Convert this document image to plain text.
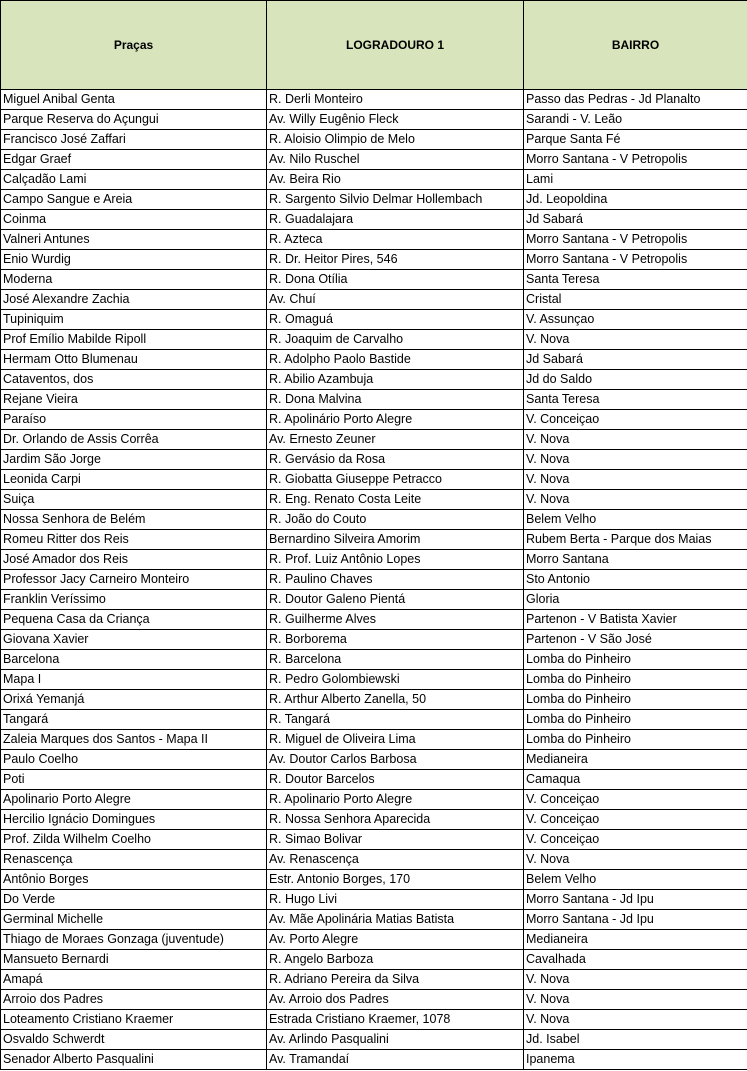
Praças	LOGRADOURO 1	BAIRRO
Miguel Anibal Genta	R. Derli Monteiro	Passo das Pedras - Jd Planalto
Parque Reserva do Açungui	Av. Willy Eugênio Fleck	Sarandi - V. Leão
Francisco José Zaffari	R. Aloisio Olimpio de Melo	Parque Santa Fé
Edgar Graef	Av. Nilo Ruschel	Morro Santana - V Petropolis
Calçadão Lami	Av. Beira Rio	Lami
Campo Sangue e Areia	R. Sargento Silvio Delmar Hollembach	Jd. Leopoldina
Coinma	R. Guadalajara	Jd Sabará
Valneri Antunes	R. Azteca	Morro Santana - V Petropolis
Enio Wurdig	R. Dr. Heitor Pires, 546	Morro Santana - V Petropolis
Moderna	R. Dona Otília	Santa Teresa
José Alexandre Zachia	Av. Chuí	Cristal
Tupiniquim	R. Omaguá	V. Assunçao
Prof Emílio Mabilde Ripoll	R. Joaquim de Carvalho	V. Nova
Hermam Otto Blumenau	R. Adolpho Paolo Bastide	Jd Sabará
Cataventos, dos	R. Abilio Azambuja	Jd do Saldo
Rejane Vieira	R. Dona Malvina	Santa Teresa
Paraíso	R. Apolinário Porto Alegre	V. Conceiçao
Dr. Orlando de Assis Corrêa	Av. Ernesto Zeuner	V. Nova
Jardim São Jorge	R. Gervásio da Rosa	V. Nova
Leonida Carpi	R. Giobatta Giuseppe Petracco	V. Nova
Suiça	R. Eng. Renato Costa Leite	V. Nova
Nossa Senhora de Belém	R. João do Couto	Belem Velho
Romeu Ritter dos Reis	Bernardino Silveira Amorim	Rubem Berta - Parque dos Maias
José Amador dos Reis	R. Prof. Luiz Antônio Lopes	Morro Santana
Professor Jacy Carneiro Monteiro	R. Paulino Chaves	Sto Antonio
Franklin Veríssimo	R. Doutor Galeno Pientá	Gloria
Pequena Casa da Criança	R. Guilherme Alves	Partenon - V Batista Xavier
Giovana Xavier	R. Borborema	Partenon - V São José
Barcelona	R. Barcelona	Lomba do Pinheiro
Mapa I	R. Pedro Golombiewski	Lomba do Pinheiro
Orixá Yemanjá	R. Arthur Alberto Zanella, 50	Lomba do Pinheiro
Tangará	R. Tangará	Lomba do Pinheiro
Zaleia Marques dos Santos - Mapa II	R. Miguel de Oliveira Lima	Lomba do Pinheiro
Paulo Coelho	Av. Doutor Carlos Barbosa	Medianeira
Poti	R. Doutor Barcelos	Camaqua
Apolinario Porto Alegre	R. Apolinario Porto Alegre	V. Conceiçao
Hercilio Ignácio Domingues	R. Nossa Senhora Aparecida	V. Conceiçao
Prof. Zilda Wilhelm Coelho	R. Simao Bolivar	V. Conceiçao
Renascença	Av. Renascença	V. Nova
Antônio Borges	Estr. Antonio Borges, 170	Belem Velho
Do Verde	R. Hugo Livi	Morro Santana - Jd Ipu
Germinal Michelle	Av. Mãe Apolinária Matias Batista	Morro Santana - Jd Ipu
Thiago de Moraes Gonzaga (juventude)	Av. Porto Alegre	Medianeira
Mansueto Bernardi	R. Angelo Barboza	Cavalhada
Amapá	R. Adriano Pereira da Silva	V. Nova
Arroio dos Padres	Av. Arroio dos Padres	V. Nova
Loteamento Cristiano Kraemer	Estrada Cristiano Kraemer, 1078	V. Nova
Osvaldo Schwerdt	Av. Arlindo Pasqualini	Jd. Isabel
Senador Alberto Pasqualini	Av. Tramandaí	Ipanema
